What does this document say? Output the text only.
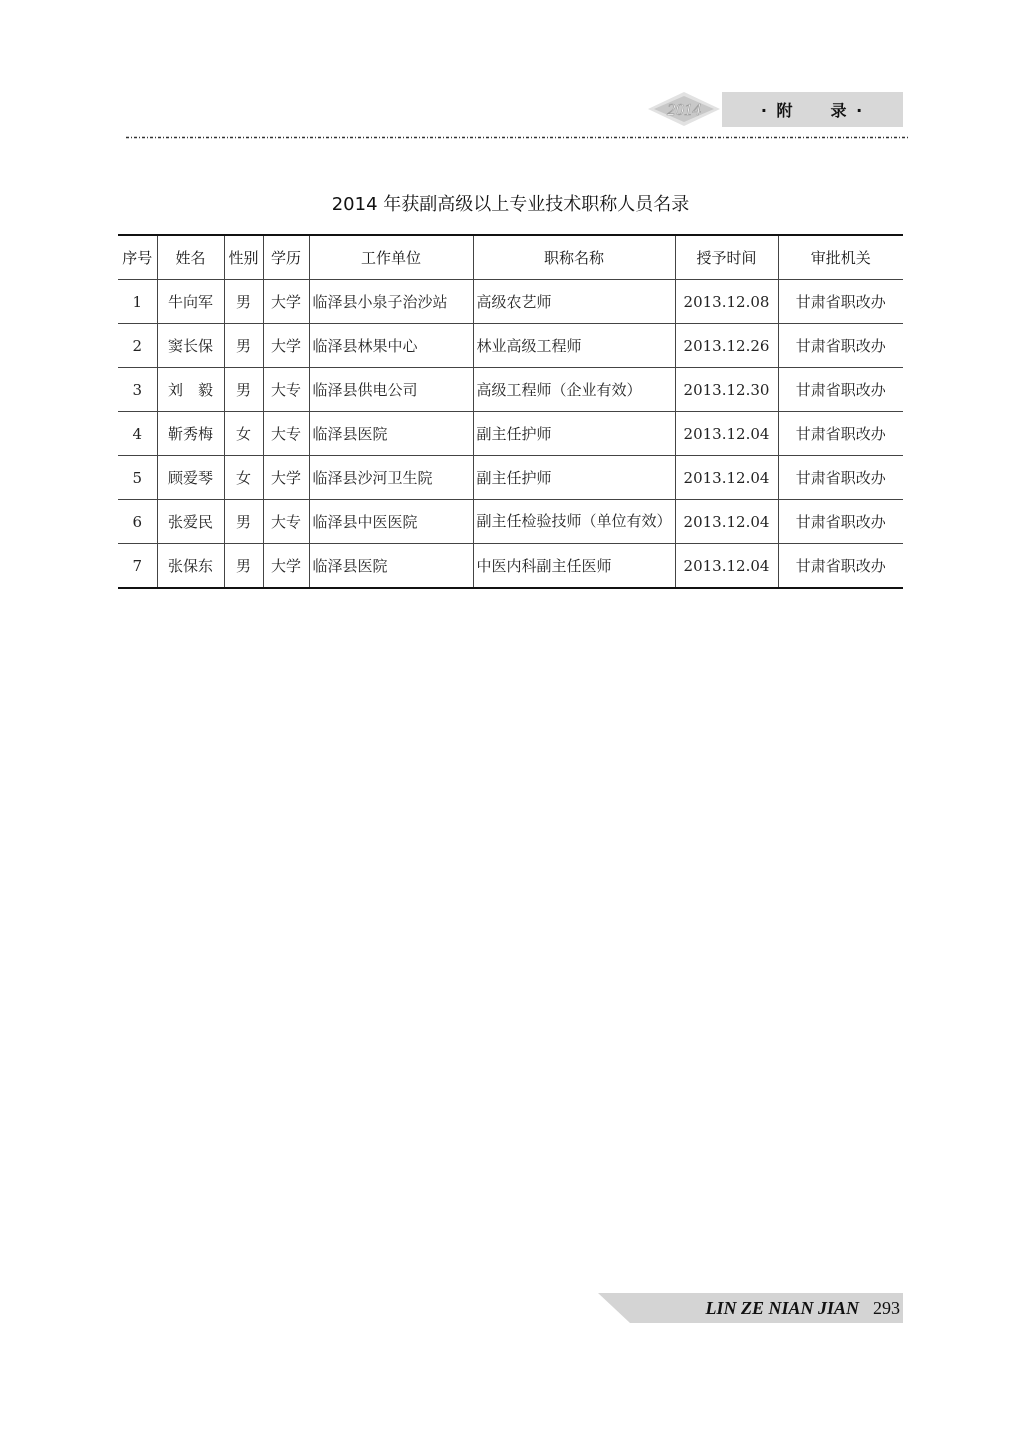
2014	· 附　　录 ·
2014 年获副高级以上专业技术职称人员名录
序号	姓名	性别	学历	工作单位	职称名称	授予时间	审批机关
1	牛向军	男	大学	临泽县小泉子治沙站	高级农艺师	2013.12.08	甘肃省职改办
2	窦长保	男	大学	临泽县林果中心	林业高级工程师	2013.12.26	甘肃省职改办
3	刘　毅	男	大专	临泽县供电公司	高级工程师（企业有效）	2013.12.30	甘肃省职改办
4	靳秀梅	女	大专	临泽县医院	副主任护师	2013.12.04	甘肃省职改办
5	顾爱琴	女	大学	临泽县沙河卫生院	副主任护师	2013.12.04	甘肃省职改办
6	张爱民	男	大专	临泽县中医医院	副主任检验技师（单位有效）	2013.12.04	甘肃省职改办
7	张保东	男	大学	临泽县医院	中医内科副主任医师	2013.12.04	甘肃省职改办
LIN ZE NIAN JIAN 293
